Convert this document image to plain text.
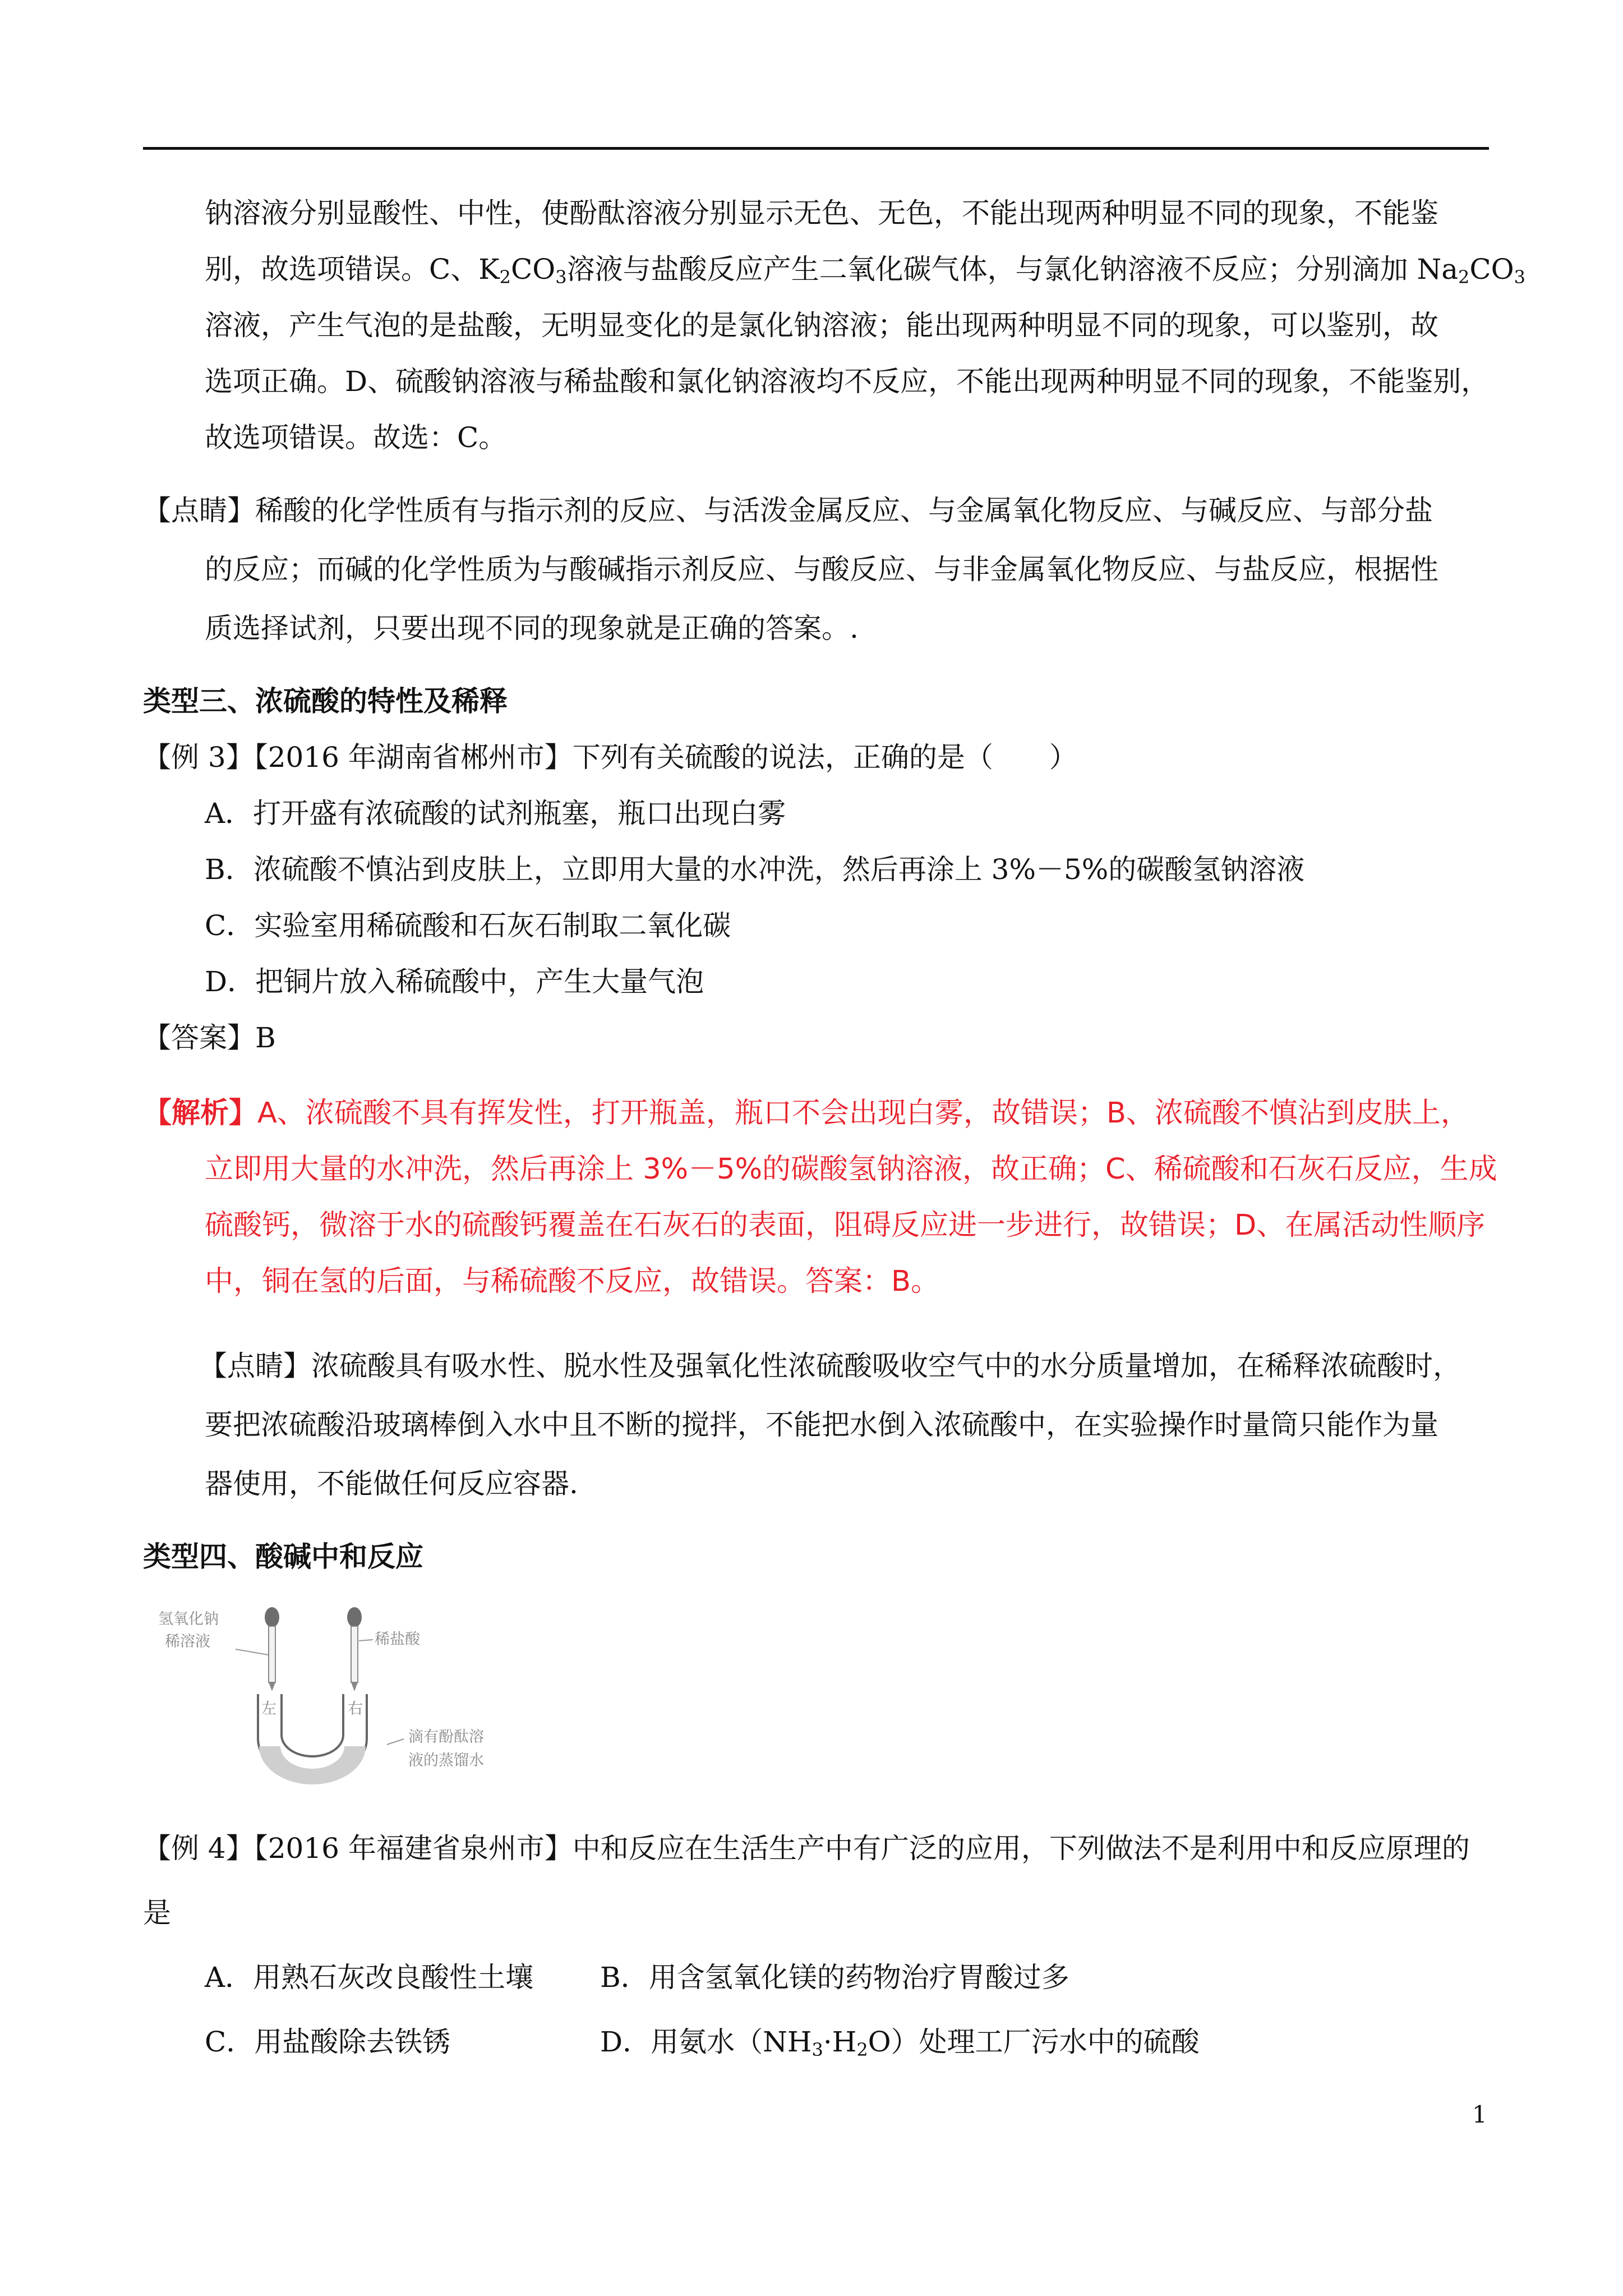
钠溶液分别显酸性、中性，使酚酞溶液分别显示无色、无色，不能出现两种明显不同的现象，不能鉴
别，故选项错误。C、$K_2CO_3$溶液与盐酸反应产生二氧化碳气体，与氯化钠溶液不反应；分别滴加 $Na_2CO_3$
溶液，产生气泡的是盐酸，无明显变化的是氯化钠溶液；能出现两种明显不同的现象，可以鉴别，故
选项正确。D、硫酸钠溶液与稀盐酸和氯化钠溶液均不反应，不能出现两种明显不同的现象，不能鉴别，
故选项错误。故选：C。
【点睛】稀酸的化学性质有与指示剂的反应、与活泼金属反应、与金属氧化物反应、与碱反应、与部分盐
的反应；而碱的化学性质为与酸碱指示剂反应、与酸反应、与非金属氧化物反应、与盐反应，根据性
质选择试剂，只要出现不同的现象就是正确的答案。.
类型三、浓硫酸的特性及稀释
【例 3】【2016 年湖南省郴州市】下列有关硫酸的说法，正确的是（　　）
A．打开盛有浓硫酸的试剂瓶塞，瓶口出现白雾
B．浓硫酸不慎沾到皮肤上，立即用大量的水冲洗，然后再涂上 3%－5%的碳酸氢钠溶液
C．实验室用稀硫酸和石灰石制取二氧化碳
D．把铜片放入稀硫酸中，产生大量气泡
【答案】B
【解析】A、浓硫酸不具有挥发性，打开瓶盖，瓶口不会出现白雾，故错误；B、浓硫酸不慎沾到皮肤上，
立即用大量的水冲洗，然后再涂上 3%－5%的碳酸氢钠溶液，故正确；C、稀硫酸和石灰石反应，生成
硫酸钙，微溶于水的硫酸钙覆盖在石灰石的表面，阻碍反应进一步进行，故错误；D、在属活动性顺序
中，铜在氢的后面，与稀硫酸不反应，故错误。答案：B。
【点睛】浓硫酸具有吸水性、脱水性及强氧化性浓硫酸吸收空气中的水分质量增加，在稀释浓硫酸时，
要把浓硫酸沿玻璃棒倒入水中且不断的搅拌，不能把水倒入浓硫酸中，在实验操作时量筒只能作为量
器使用，不能做任何反应容器.
类型四、酸碱中和反应
氢氧化钠
稀溶液	稀盐酸
左	右
滴有酚酞溶
液的蒸馏水
【例 4】【2016 年福建省泉州市】中和反应在生活生产中有广泛的应用，下列做法不是利用中和反应原理的
是
A．用熟石灰改良酸性土壤 B．用含氢氧化镁的药物治疗胃酸过多
C．用盐酸除去铁锈	D．用氨水$(NH_3\cdot H_2O)$处理工厂污水中的硫酸
1
